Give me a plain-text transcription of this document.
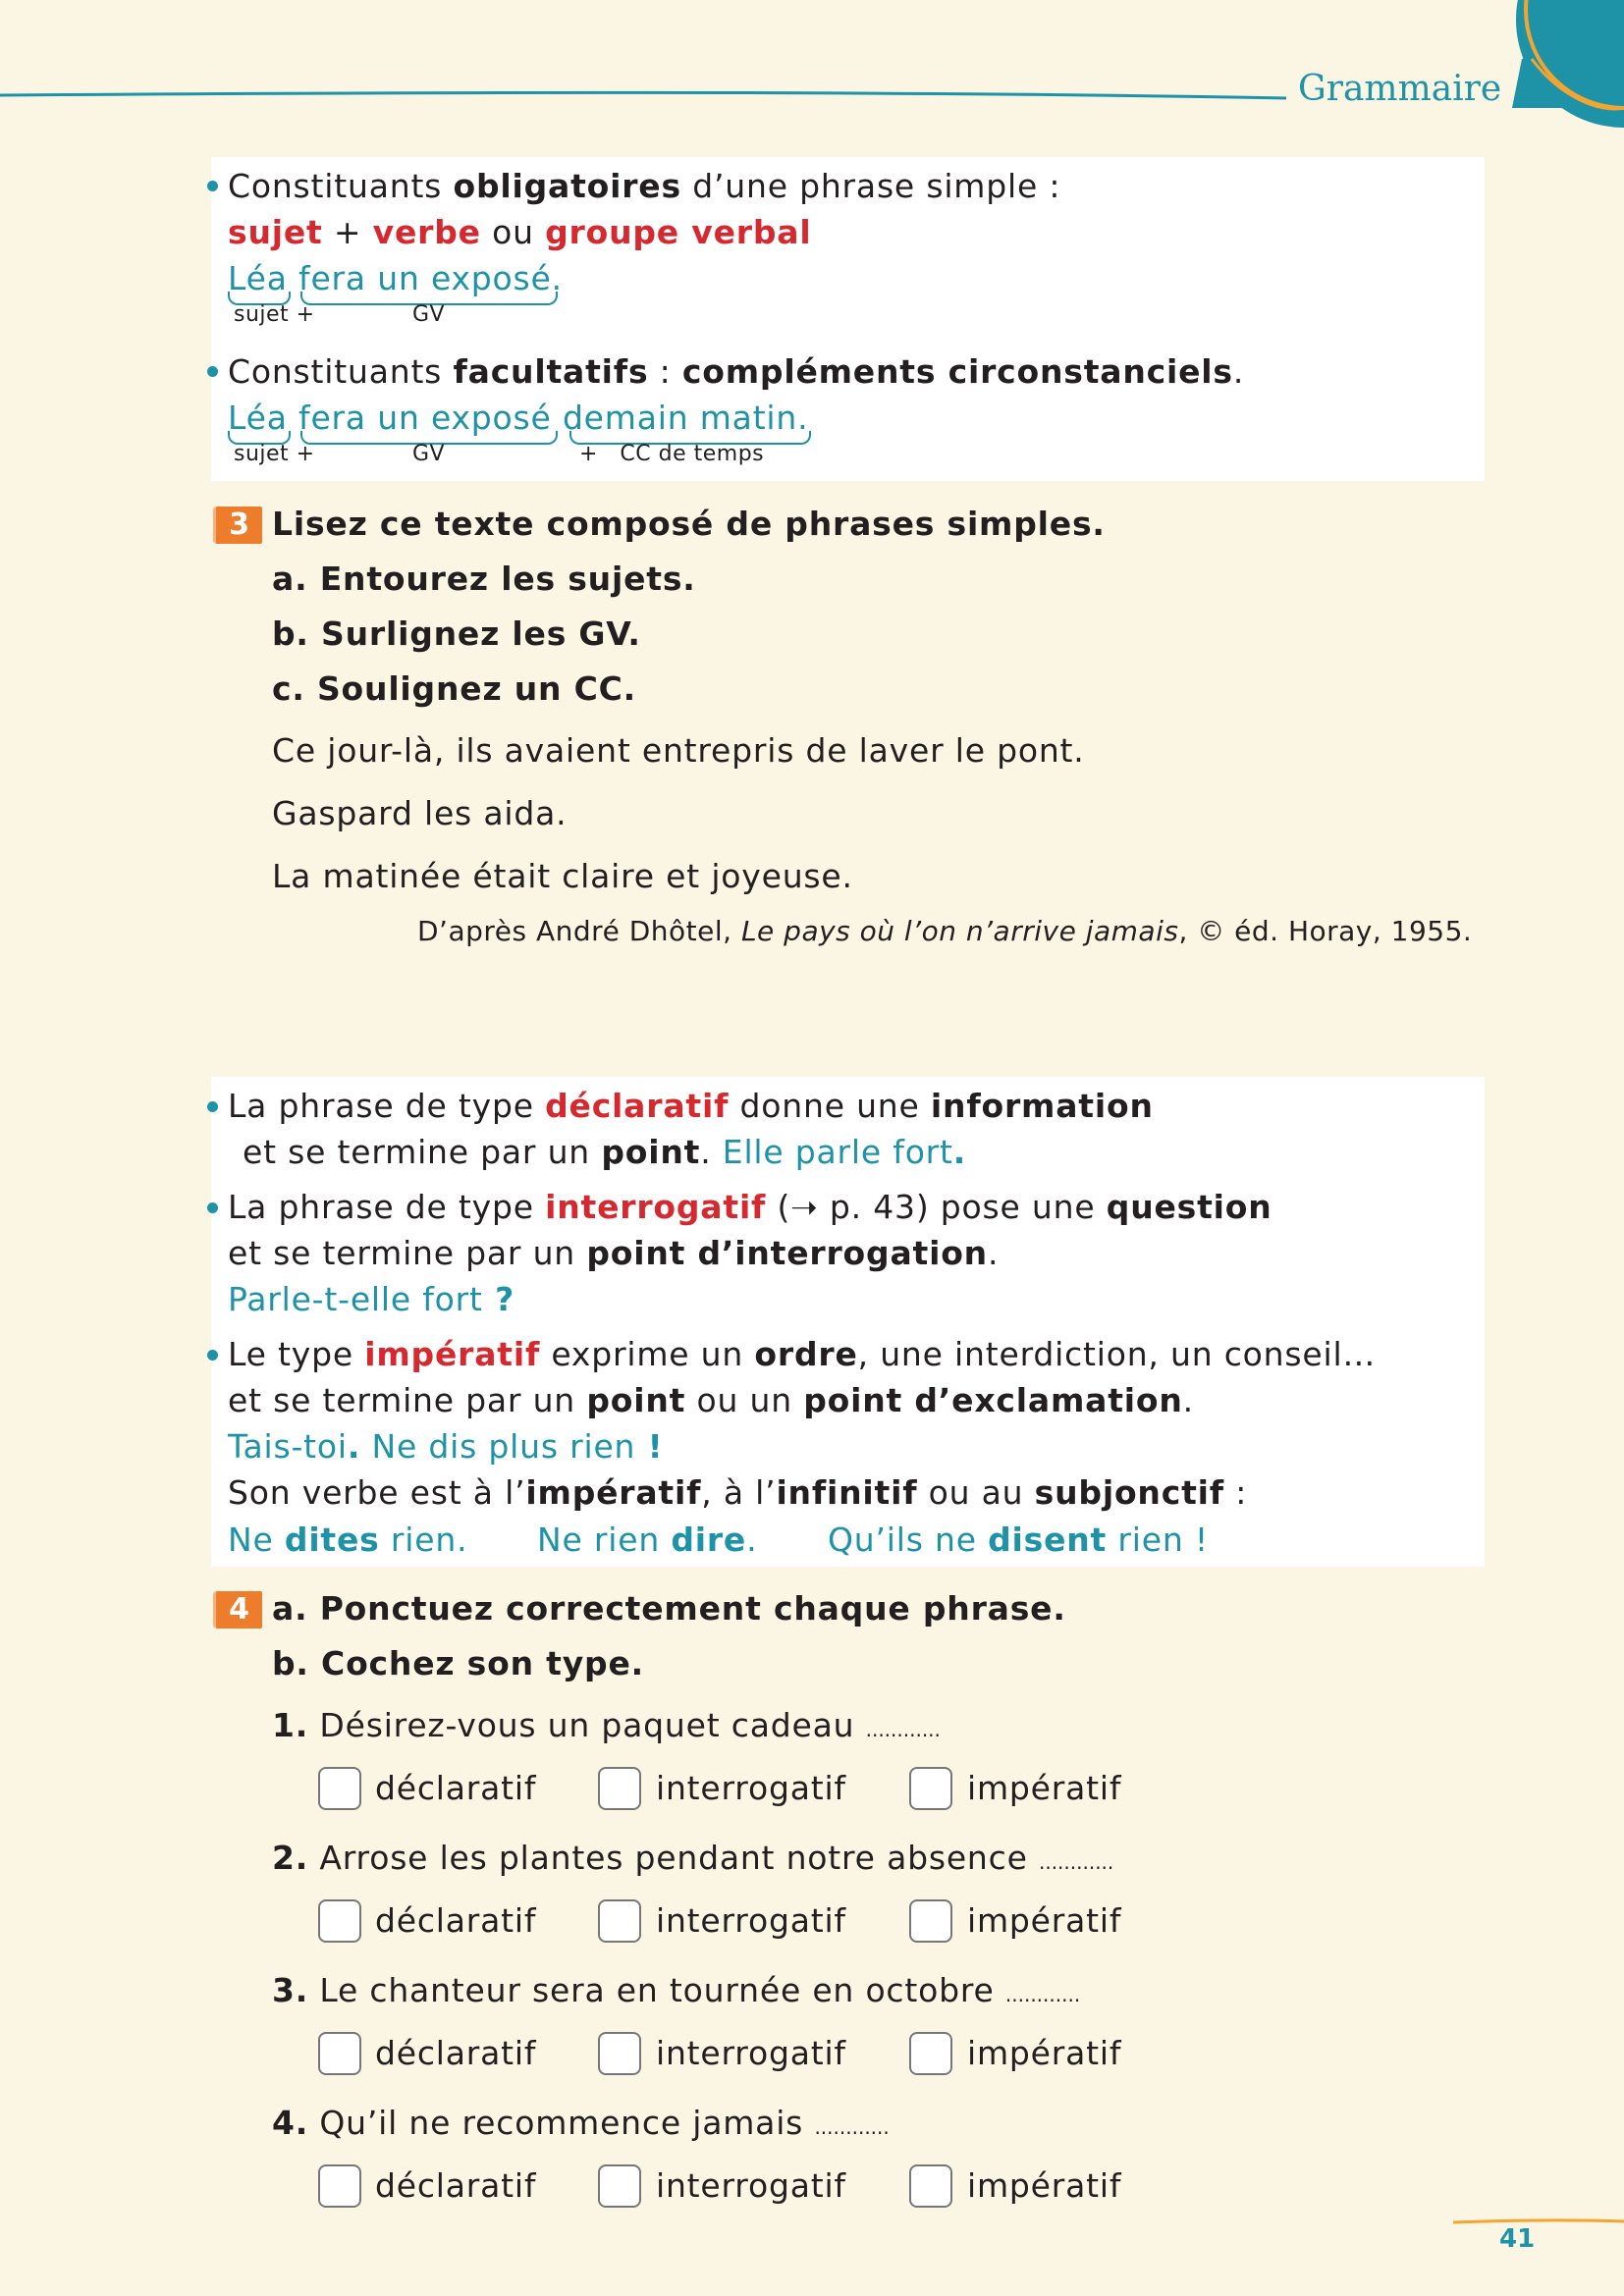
Grammaire
Constituants obligatoires d’une phrase simple :
sujet + verbe ou groupe verbal
Léa fera un exposé.
sujet +	GV
Constituants facultatifs : compléments circonstanciels.
Léa fera un exposé demain matin.
sujet +	GV	+   CC de temps
3 Lisez ce texte composé de phrases simples.
a. Entourez les sujets.
b. Surlignez les GV.
c. Soulignez un CC.
Ce jour-là, ils avaient entrepris de laver le pont.
Gaspard les aida.
La matinée était claire et joyeuse.
D’après André Dhôtel, Le pays où l’on n’arrive jamais, © éd. Horay, 1955.
La phrase de type déclaratif donne une information
et se termine par un point. Elle parle fort.
La phrase de type interrogatif (➝ p. 43) pose une question
et se termine par un point d’interrogation.
Parle-t-elle fort ?
Le type impératif exprime un ordre, une interdiction, un conseil…
et se termine par un point ou un point d’exclamation.
Tais-toi. Ne dis plus rien !
Son verbe est à l’impératif, à l’infinitif ou au subjonctif :
Ne dites rien. Ne rien dire. Qu’ils ne disent rien !
4 a. Ponctuez correctement chaque phrase.
b. Cochez son type.
1. Désirez-vous un paquet cadeau ............
déclaratif	interrogatif	impératif
2. Arrose les plantes pendant notre absence ............
déclaratif	interrogatif	impératif
3. Le chanteur sera en tournée en octobre ............
déclaratif	interrogatif	impératif
4. Qu’il ne recommence jamais ............
déclaratif	interrogatif	impératif
41
